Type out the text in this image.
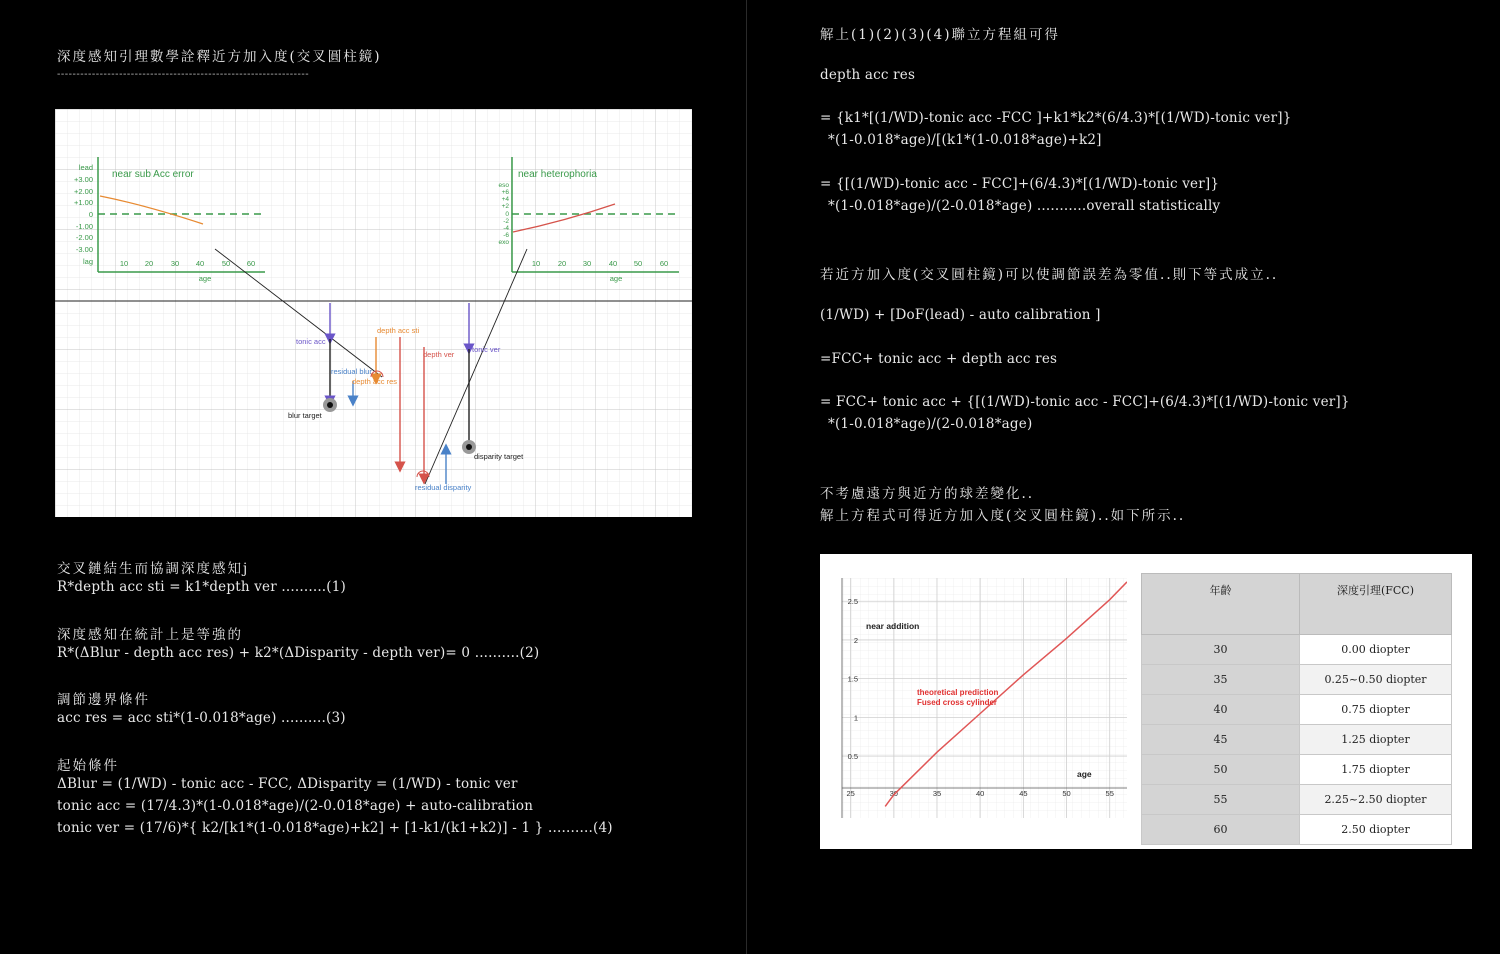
深度感知引理數學詮釋近方加入度(交叉圓柱鏡)
-----------------------------------------------------------------
near sub Acc error
lead
+3.00
+2.00
+1.00
0
-1.00
-2.00
-3.00
lag	10 20 30 40 50 60
age
near heterophoria
eso
+6
+4
+2
0
-2
-4
-6
exo
10 20 30 40 50 60
age
tonic acc
depth acc sti
depth ver
tonic ver
residual blur
depth acc res
blur target
disparity target
residual disparity
交叉鏈結生而協調深度感知j
R*depth acc sti = k1*depth ver ..........(1)
深度感知在統計上是等強的
R*(ΔBlur - depth acc res) + k2*(ΔDisparity - depth ver)= 0 ..........(2)
調節邊界條件
acc res = acc sti*(1-0.018*age) ..........(3)
起始條件
ΔBlur = (1/WD) - tonic acc - FCC, ΔDisparity = (1/WD) - tonic ver
tonic acc = (17/4.3)*(1-0.018*age)/(2-0.018*age) + auto-calibration
tonic ver = (17/6)*{ k2/[k1*(1-0.018*age)+k2] + [1-k1/(k1+k2)] - 1 } ..........(4)
解上(1)(2)(3)(4)聯立方程組可得
depth acc res
= {k1*[(1/WD)-tonic acc -FCC ]+k1*k2*(6/4.3)*[(1/WD)-tonic ver]}
*(1-0.018*age)/[(k1*(1-0.018*age)+k2]
= {[(1/WD)-tonic acc - FCC]+(6/4.3)*[(1/WD)-tonic ver]}
*(1-0.018*age)/(2-0.018*age) ...........overall statistically
若近方加入度(交叉圓柱鏡)可以使調節誤差為零值..則下等式成立..
(1/WD) + [DoF(lead) - auto calibration ]
=FCC+ tonic acc + depth acc res
= FCC+ tonic acc + {[(1/WD)-tonic acc - FCC]+(6/4.3)*[(1/WD)-tonic ver]}
*(1-0.018*age)/(2-0.018*age)
不考慮遠方與近方的球差變化..
解上方程式可得近方加入度(交叉圓柱鏡)..如下所示..
25	30	35	40	45	50	55
0.5
1
1.5
2
2.5
near addition
theoretical prediction
Fused cross cylinder
age
年齡	深度引理(FCC)
30	0.00 diopter
35	0.25~0.50 diopter
40	0.75 diopter
45	1.25 diopter
50	1.75 diopter
55	2.25~2.50 diopter
60	2.50 diopter
